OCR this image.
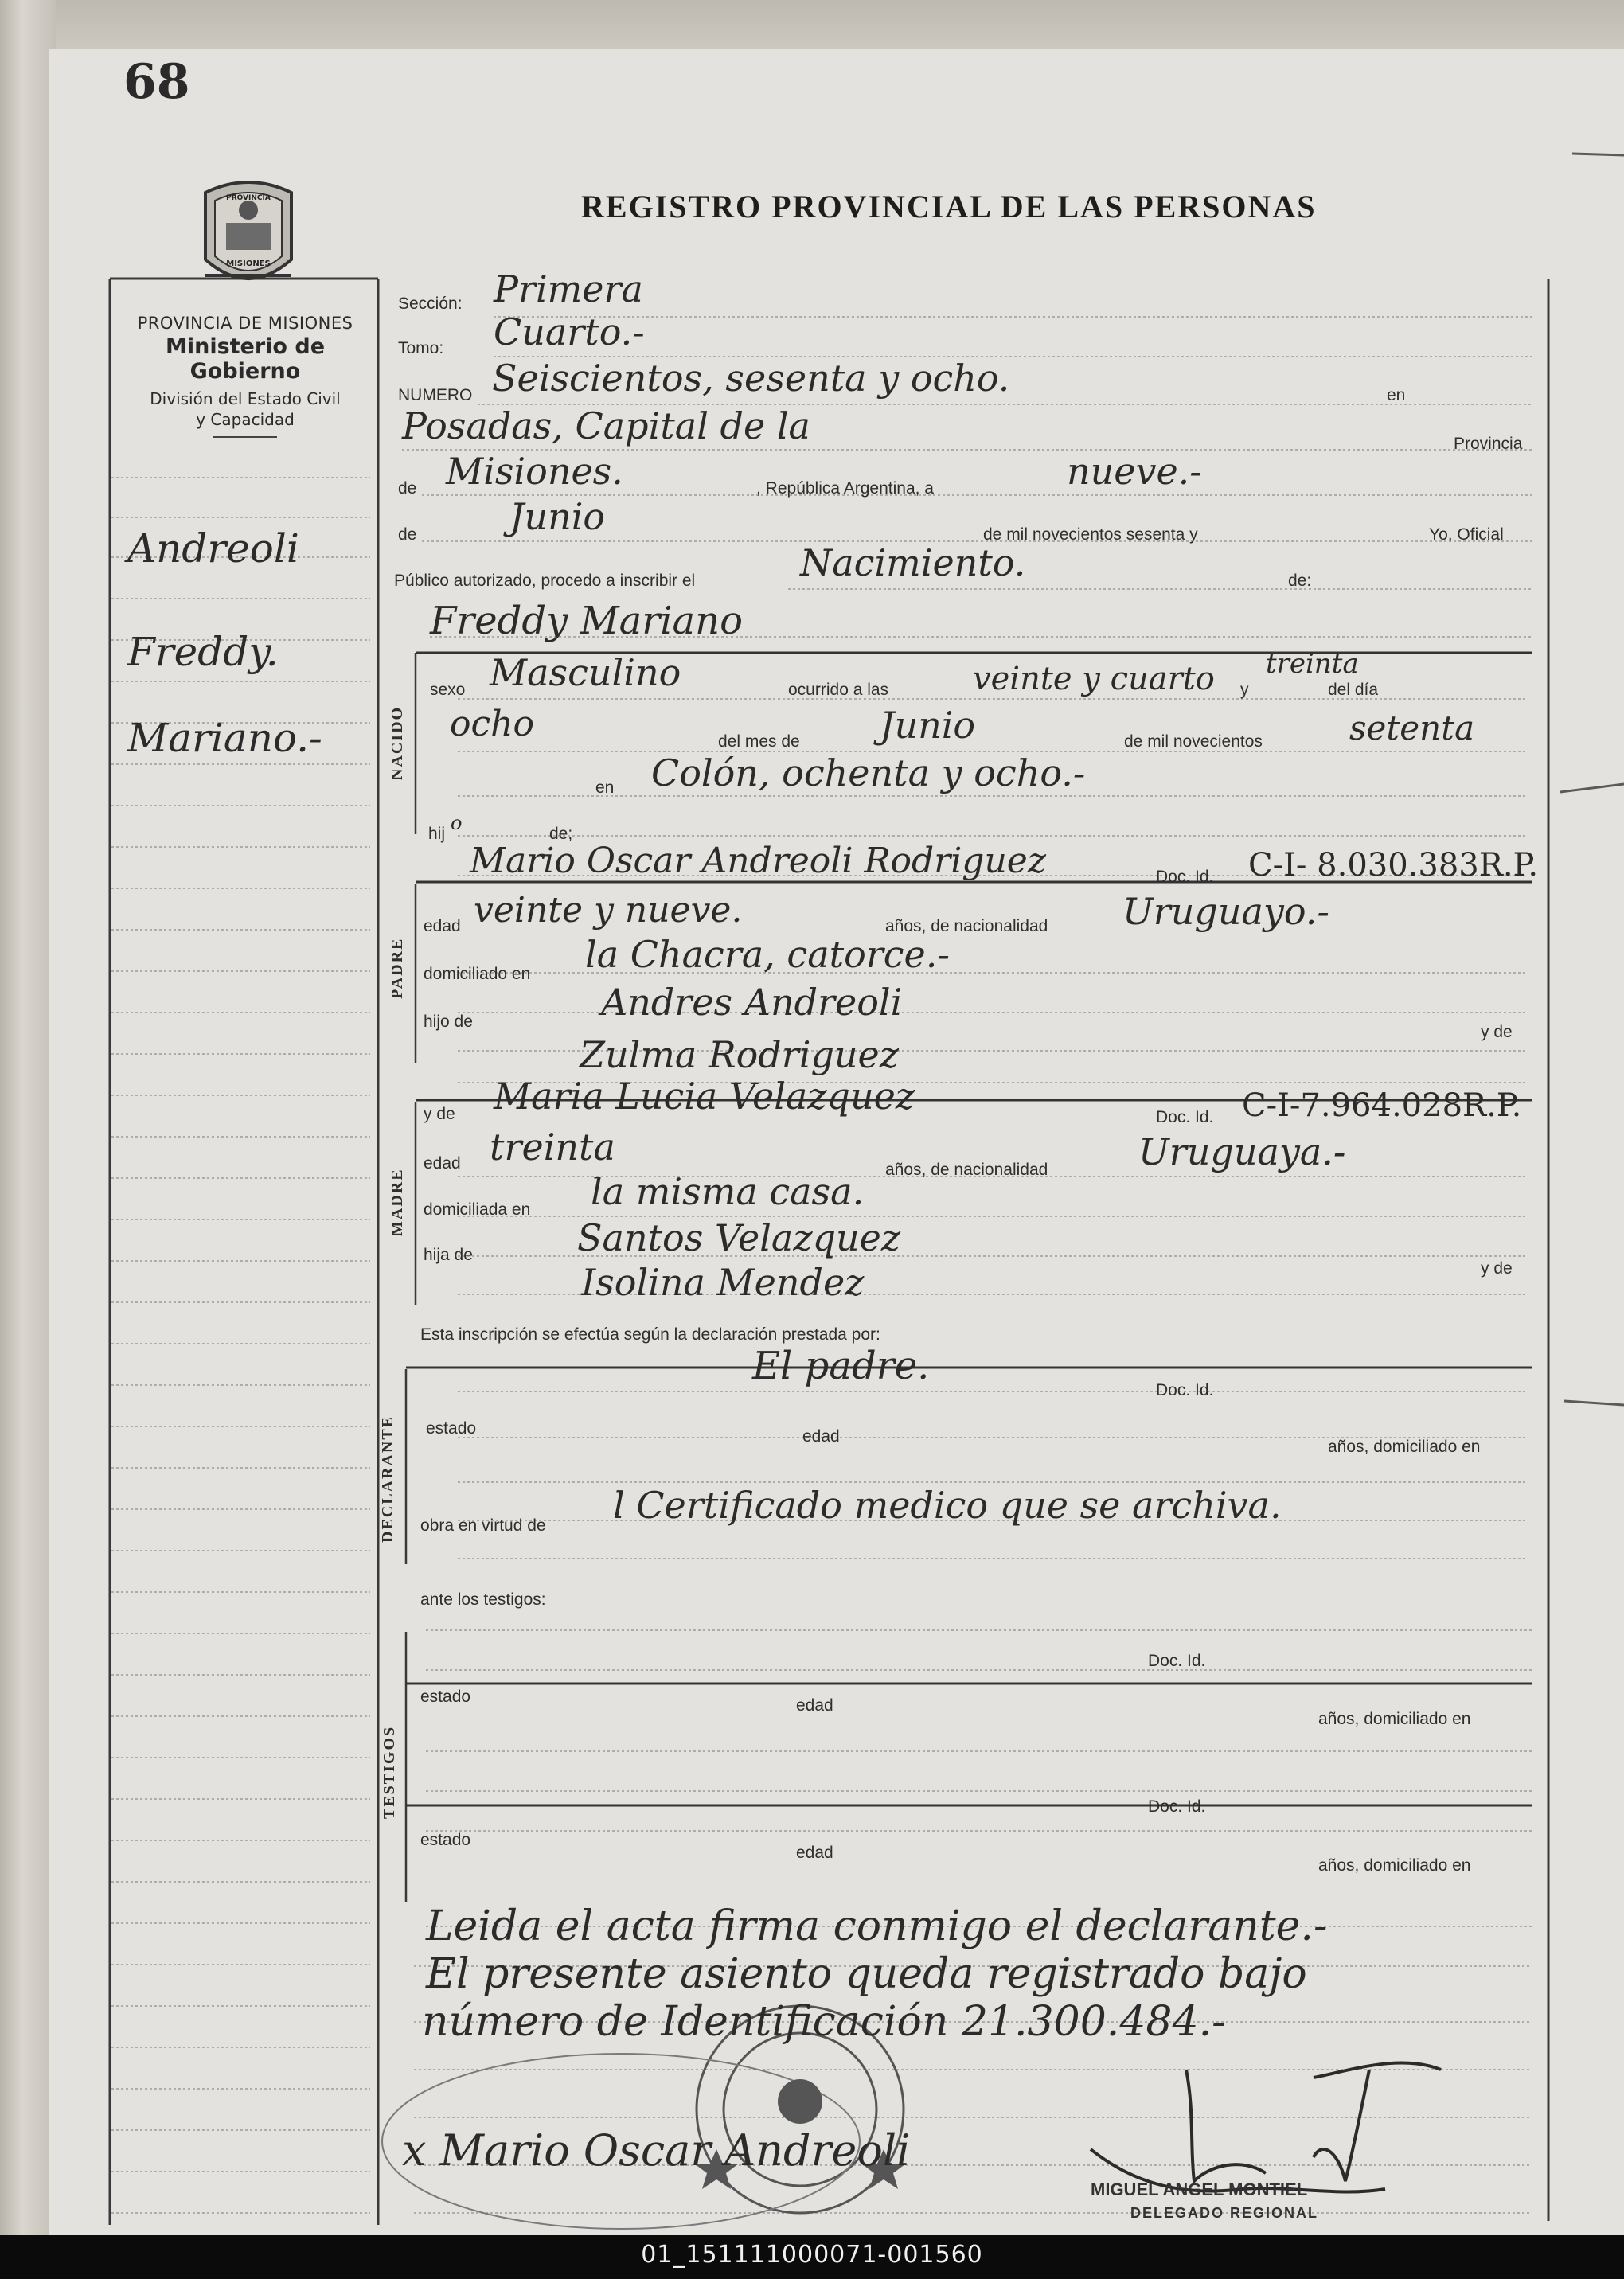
68
PROVINCIA
MISIONES
REGISTRO PROVINCIAL DE LAS PERSONAS
PROVINCIA DE MISIONES
Ministerio de Gobierno
División del Estado Civil
y Capacidad
Andreoli
Freddy.
Mariano.-
Sección: Primera
Tomo: Cuarto.-
NUMERO Seiscientos, sesenta y ocho.	en
Posadas, Capital de la	Provincia
de Misiones.	, República Argentina, a	nueve.-
de	Junio	de mil novecientos sesenta y	Yo, Oficial
Público autorizado, procedo a inscribir el	Nacimiento.	de:
Freddy Mariano
NACIDO
sexo Masculino	ocurrido a las	veinte y cuarto y
treinta
del día
ocho	del mes de Junio	de mil novecientos	setenta
en Colón, ochenta y ocho.-
hij o	de;
PADRE
Mario Oscar Andreoli Rodriguez	Doc. Id. C-I- 8.030.383R.P.
edad veinte y nueve.	años, de nacionalidad Uruguayo.-
domiciliado en la Chacra, catorce.-
hijo de	Andres Andreoli
y de
Zulma Rodriguez
MADRE
y de Maria Lucia Velazquez	Doc. Id. C-I-7.964.028R.P.
edad treinta
años, de nacionalidad Uruguaya.-
domiciliada en la misma casa.
hija de	Santos Velazquez
y de
Isolina Mendez
Esta inscripción se efectúa según la declaración prestada por:
El padre.
Doc. Id.
DECLARANTE estado	edad
años, domiciliado en
obra en virtud de l Certificado medico que se archiva.
ante los testigos:
TESTIGOS
Doc. Id.
estado	edad
años, domiciliado en
Doc. Id.
estado
edad
años, domiciliado en
Leida el acta firma conmigo el declarante.-
El presente asiento queda registrado bajo
número de Identificación 21.300.484.-
x Mario Oscar Andreoli
MIGUEL ANGEL MONTIEL
DELEGADO REGIONAL
01_151111000071-001560
